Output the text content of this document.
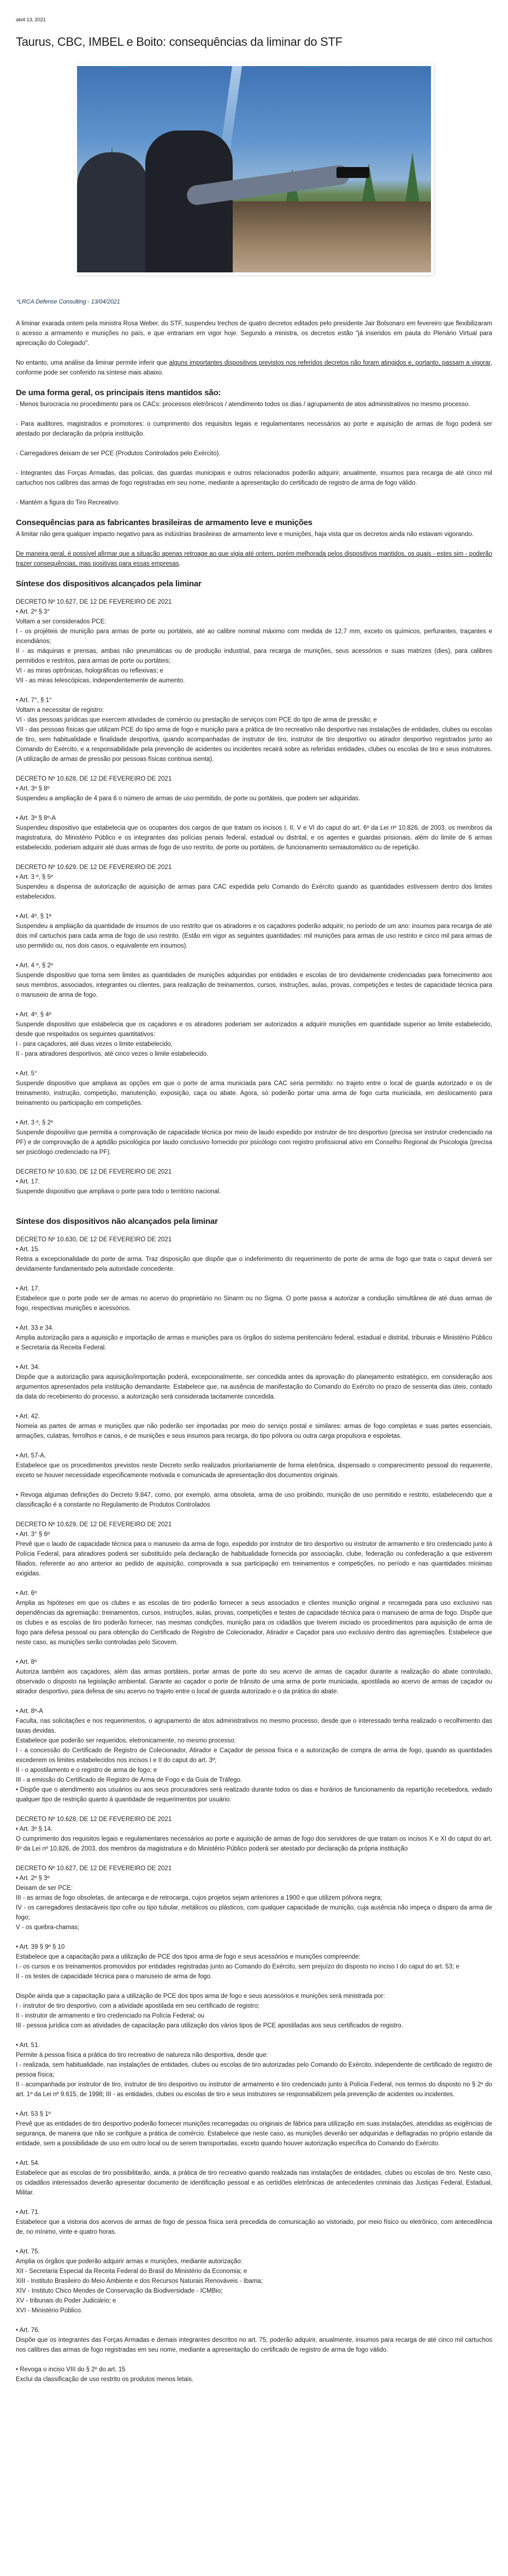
abril 13, 2021
Taurus, CBC, IMBEL e Boito: consequências da liminar do STF
*LRCA Defense Consulting - 13/04/2021

A liminar exarada ontem pela ministra Rosa Weber, do STF, suspendeu trechos de quatro decretos editados pelo presidente Jair Bolsonaro em fevereiro que flexibilizaram o acesso a armamento e munições no país, e que entrariam em vigor hoje. Segundo a ministra, os decretos estão "já inseridos em pauta do Plenário Virtual para apreciação do Colegiado".

No entanto, uma análise da liminar permite inferir que alguns importantes dispositivos previstos nos referidos decretos não foram atingidos e, portanto, passam a vigorar, conforme pode ser conferido na síntese mais abaixo.

De uma forma geral, os principais itens mantidos são:

- Menos burocracia no procedimento para os CACs: processos eletrônicos / atendimento todos os dias / agrupamento de atos administrativos no mesmo processo.

- Para auditores, magistrados e promotores: o cumprimento dos requisitos legais e regulamentares necessários ao porte e aquisição de armas de fogo poderá ser atestado por declaração da própria instituição.

- Carregadores deixam de ser PCE (Produtos Controlados pelo Exército).

- Integrantes das Forças Armadas, das polícias, das guardas municipais e outros relacionados poderão adquirir, anualmente, insumos para recarga de até cinco mil cartuchos nos calibres das armas de fogo registradas em seu nome, mediante a apresentação do certificado de registro de arma de fogo válido.

- Mantém a figura do Tiro Recreativo.

Consequências para as fabricantes brasileiras de armamento leve e munições

A limitar não gera qualquer impacto negativo para as indústrias brasileiras de armamento leve e munições, haja vista que os decretos ainda não estavam vigorando.

De maneira geral, é possível afirmar que a situação apenas retroage ao que vigia até ontem, porém melhorada pelos dispositivos mantidos, os quais - estes sim - poderão trazer consequências, mas positivas para essas empresas.

Síntese dos dispositivos alcançados pela liminar

DECRETO Nº 10.627, DE 12 DE FEVEREIRO DE 2021

• Art. 2º § 3°

Voltam a ser considerados PCE:

I - os projéteis de munição para armas de porte ou portáteis, até ao calibre nominal máximo com medida de 12,7 mm, exceto os químicos, perfurantes, traçantes e incendiários;

II - as máquinas e prensas, ambas não pneumáticas ou de produção industrial, para recarga de munições, seus acessórios e suas matrizes (dies), para calibres permitidos e restritos, para armas de porte ou portáteis;

VI - as miras optrônicas, holográficas ou reflexivas; e

VII - as miras telescópicas, independentemente de aumento.

• Art. 7°, § 1°

Voltam a necessitar de registro:

VI - das pessoas jurídicas que exercem atividades de comércio ou prestação de serviços com PCE do tipo de arma de pressão; e

VII - das pessoas físicas que utilizam PCE do tipo arma de fogo e munição para a prática de tiro recreativo não desportivo nas instalações de entidades, clubes ou escolas de tiro, sem habitualidade e finalidade desportiva, quando acompanhadas de instrutor de tiro, instrutor de tiro desportivo ou atirador desportivo registrados junto ao Comando do Exército, e a responsabilidade pela prevenção de acidentes ou incidentes recairá sobre as referidas entidades, clubes ou escolas de tiro e seus instrutores. (A utilização de armas de pressão por pessoas físicas continua isenta).

DECRETO Nº 10.628, DE 12 DE FEVEREIRO DE 2021

• Art. 3º § 8º

Suspendeu a ampliação de 4 para 6 o número de armas de uso permitido, de porte ou portáteis, que podem ser adquiridas.

• Art. 3º § 8º-A

Suspendeu dispositivo que estabelecia que os ocupantes dos cargos de que tratam os incisos I, II, V e VI do caput do art. 6º da Lei nº 10.826, de 2003, os membros da magistratura, do Ministério Público e os integrantes das polícias penais federal, estadual ou distrital, e os agentes e guardas prisionais, além do limite de 6 armas estabelecido, poderiam adquirir até duas armas de fogo de uso restrito, de porte ou portáteis, de funcionamento semiautomático ou de repetição.

DECRETO Nº 10.629, DE 12 DE FEVEREIRO DE 2021

• Art. 3 º, § 5º

Suspendeu a dispensa de autorização de aquisição de armas para CAC expedida pelo Comando do Exército quando as quantidades estivessem dentro dos limites estabelecidos.

• Art. 4º, § 1ª

Suspendeu a ampliação da quantidade de insumos de uso restrito que os atiradores e os caçadores poderão adquirir, no período de um ano: insumos para recarga de até dois mil cartuchos para cada arma de fogo de uso restrito. (Estão em vigor as seguintes quantidades: mil munições para armas de uso restrito e cinco mil para armas de uso permitido ou, nos dois casos, o equivalente em insumos).

• Art. 4 º, § 2º

Suspende dispositivo que torna sem limites as quantidades de munições adquiridas por entidades e escolas de tiro devidamente credenciadas para fornecimento aos seus membros, associados, integrantes ou clientes, para realização de treinamentos, cursos, instruções, aulas, provas, competições e testes de capacidade técnica para o manuseio de arma de fogo.

• Art. 4º, § 4º

Suspende dispositivo que estabelecia que os caçadores e os atiradores poderiam ser autorizados a adquirir munições em quantidade superior ao limite estabelecido, desde que respeitados os seguintes quantitativos:

I - para caçadores, até duas vezes o limite estabelecido,

II - para atiradores desportivos, até cinco vezes o limite estabelecido.

• Art. 5°

Suspende dispositivo que ampliava as opções em que o porte de arma municiada para CAC seria permitido: no trajeto entre o local de guarda autorizado e os de treinamento, instrução, competição, manutenção, exposição, caça ou abate. Agora, só poderão portar uma arma de fogo curta municiada, em deslocamento para treinamento ou participação em competições.

• Art. 3 º, § 2º

Suspende dispositivo que permitia a comprovação de capacidade técnica por meio de laudo expedido por instrutor de tiro desportivo (precisa ser instrutor credenciado na PF) e de comprovação de a aptidão psicológica por laudo conclusivo fornecido por psicólogo com registro profissional ativo em Conselho Regional de Psicologia (precisa ser psicólogo credenciado na PF).

DECRETO Nº 10.630, DE 12 DE FEVEREIRO DE 2021

• Art. 17.

Suspende dispositivo que ampliava o porte para todo o território nacional.

Síntese dos dispositivos não alcançados pela liminar

DECRETO Nº 10.630, DE 12 DE FEVEREIRO DE 2021

• Art. 15.

Retira a excepcionalidade do porte de arma. Traz disposição que dispõe que o indeferimento do requerimento de porte de arma de fogo que trata o caput deverá ser devidamente fundamentado pela autoridade concedente.

• Art. 17.

Estabelece que o porte pode ser de armas no acervo do proprietário no Sinarm ou no Sigma. O porte passa a autorizar a condução simultânea de até duas armas de fogo, respectivas munições e acessórios.

• Art. 33 e 34.

Amplia autorização para a aquisição e importação de armas e munições para os órgãos do sistema penitenciário federal, estadual e distrital, tribunais e Ministério Público e Secretaria da Receita Federal.

• Art. 34.

Dispõe que a autorização para aquisição/importação poderá, excepcionalmente, ser concedida antes da aprovação do planejamento estratégico, em consideração aos argumentos apresentados pela instituição demandante. Estabelece que, na ausência de manifestação do Comando do Exército no prazo de sessenta dias úteis, contado da data do recebimento do processo, a autorização será considerada tacitamente concedida.

• Art. 42.

Nomeia as partes de armas e munições que não poderão ser importadas por meio do serviço postal e similares: armas de fogo completas e suas partes essenciais, armações, culatras, ferrolhos e canos, e de munições e seus insumos para recarga, do tipo pólvora ou outra carga propulsora e espoletas.

• Art. 57-A.

Estabelece que os procedimentos previstos neste Decreto serão realizados prioritariamente de forma eletrônica, dispensado o comparecimento pessoal do requerente, exceto se houver necessidade especificamente motivada e comunicada de apresentação dos documentos originais.

• Revoga algumas definições do Decreto 9.847, como, por exemplo, arma obsoleta, arma de uso proibindo, munição de uso permitido e restrito, estabelecendo que a classificação é a constante no Regulamento de Produtos Controlados

DECRETO Nº 10.629, DE 12 DE FEVEREIRO DE 2021

• Art. 3° § 6º

Prevê que o laudo de capacidade técnica para o manuseio da arma de fogo, expedido por instrutor de tiro desportivo ou instrutor de armamento e tiro credenciado junto à Polícia Federal, para atiradores poderá ser substituído pela declaração de habitualidade fornecida por associação, clube, federação ou confederação a que estiverem filiados, referente ao ano anterior ao pedido de aquisição, comprovada a sua participação em treinamentos e competições, no período e nas quantidades mínimas exigidas.

• Art. 6º

Amplia as hipóteses em que os clubes e as escolas de tiro poderão fornecer a seus associados e clientes munição original e recarregada para uso exclusivo nas dependências da agremiação: treinamentos, cursos, instruções, aulas, provas, competições e testes de capacidade técnica para o manuseio de arma de fogo. Dispõe que os clubes e as escolas de tiro poderão fornecer, nas mesmas condições, munição para os cidadãos que tiverem iniciado os procedimentos para aquisição de arma de fogo para defesa pessoal ou para obtenção do Certificado de Registro de Colecionador, Atirador e Caçador para uso exclusivo dentro das agremiações. Estabelece que neste caso, as munições serão controladas pelo Sicovem.

• Art. 8º

Autoriza também aos caçadores, além das armas portáteis, portar armas de porte do seu acervo de armas de caçador durante a realização do abate controlado, observado o disposto na legislação ambiental. Garante ao caçador o porte de trânsito de uma arma de porte municiada, apostilada ao acervo de armas de caçador ou atirador desportivo, para defesa de seu acervo no trajeto entre o local de guarda autorizado e o da prática do abate.

• Art. 8º-A

Faculta, nas solicitações e nos requerimentos, o agrupamento de atos administrativos no mesmo processo, desde que o interessado tenha realizado o recolhimento das taxas devidas.

Estabelece que poderão ser requeridos, eletronicamente, no mesmo processo:

I - a concessão do Certificado de Registro de Colecionador, Atirador e Caçador de pessoa física e a autorização de compra de arma de fogo, quando as quantidades excederem os limites estabelecidos nos incisos I e II do caput do art. 3º;

II - o apostilamento e o registro de arma de fogo; e

III - a emissão do Certificado de Registro de Arma de Fogo e da Guia de Tráfego.

• Dispõe que o atendimento aos usuários ou aos seus procuradores será realizado durante todos os dias e horários de funcionamento da repartição recebedora, vedado qualquer tipo de restrição quanto à quantidade de requerimentos por usuário.

DECRETO Nº 10.628, DE 12 DE FEVEREIRO DE 2021

• Art. 3º § 14.

O cumprimento dos requisitos legais e regulamentares necessários ao porte e aquisição de armas de fogo dos servidores de que tratam os incisos X e XI do caput do art. 6º da Lei nº 10.826, de 2003, dos membros da magistratura e do Ministério Público poderá ser atestado por declaração da própria instituição

DECRETO Nº 10.627, DE 12 DE FEVEREIRO DE 2021

• Art. 2º § 3º

Deixam de ser PCE:

III - as armas de fogo obsoletas, de antecarga e de retrocarga, cujos projetos sejam anteriores a 1900 e que utilizem pólvora negra;

IV - os carregadores destacáveis tipo cofre ou tipo tubular, metálicos ou plásticos, com qualquer capacidade de munição, cuja ausência não impeça o disparo da arma de fogo;

V - os quebra-chamas;

• Art. 39 § 9º § 10

Estabelece que a capacitação para a utilização de PCE dos tipos arma de fogo e seus acessórios e munições compreende:

I - os cursos e os treinamentos promovidos por entidades registradas junto ao Comando do Exército, sem prejuízo do disposto no inciso I do caput do art. 53; e

II - os testes de capacidade técnica para o manuseio de arma de fogo.

Dispõe ainda que a capacitação para a utilização de PCE dos tipos arma de fogo e seus acessórios e munições será ministrada por:

I - instrutor de tiro desportivo, com a atividade apostilada em seu certificado de registro;

II - instrutor de armamento e tiro credenciado na Polícia Federal; ou

III - pessoa jurídica com as atividades de capacitação para utilização dos vários tipos de PCE apostiladas aos seus certificados de registro.

• Art. 51.

Permite à pessoa física a prática do tiro recreativo de natureza não desportiva, desde que:

I - realizada, sem habitualidade, nas instalações de entidades, clubes ou escolas de tiro autorizadas pelo Comando do Exército, independente de certificado de registro de pessoa física;

II - acompanhada por instrutor de tiro, instrutor de tiro desportivo ou instrutor de armamento e tiro credenciado junto à Polícia Federal, nos termos do disposto no § 2º do art. 1º da Lei nº 9.615, de 1998; III - as entidades, clubes ou escolas de tiro e seus instrutores se responsabilizem pela prevenção de acidentes ou incidentes.

• Art. 53 § 1º

Prevê que as entidades de tiro desportivo poderão fornecer munições recarregadas ou originais de fábrica para utilização em suas instalações, atendidas as exigências de segurança, de maneira que não se configure a prática de comércio. Estabelece que neste caso, as munições deverão ser adquiridas e deflagradas no próprio estande da entidade, sem a possibilidade de uso em outro local ou de serem transportadas, exceto quando houver autorização específica do Comando do Exército.

• Art. 54.

Estabelece que as escolas de tiro possibilitarão, ainda, a prática de tiro recreativo quando realizada nas instalações de entidades, clubes ou escolas de tiro. Neste caso, os cidadãos interessados deverão apresentar documento de identificação pessoal e as certidões eletrônicas de antecedentes criminais das Justiças Federal, Estadual, Militar.

• Art. 71.

Estabelece que a vistoria dos acervos de armas de fogo de pessoa física será precedida de comunicação ao vistoriado, por meio físico ou eletrônico, com antecedência de, no mínimo, vinte e quatro horas.

• Art. 75.

Amplia os órgãos que poderão adquirir armas e munições, mediante autorização:

XII - Secretaria Especial da Receita Federal do Brasil do Ministério da Economia; e

XIII - Instituto Brasileiro do Meio Ambiente e dos Recursos Naturais Renováveis - Ibama;

XIV - Instituto Chico Mendes de Conservação da Biodiversidade - ICMBio;

XV - tribunais do Poder Judiciário; e

XVI - Ministério Público.

• Art. 76.

Dispõe que os integrantes das Forças Armadas e demais integrantes descritos no art. 75, poderão adquirir, anualmente, insumos para recarga de até cinco mil cartuchos nos calibres das armas de fogo registradas em seu nome, mediante a apresentação do certificado de registro de arma de fogo válido.

• Revoga o inciso VIII do § 2º do art. 15

Exclui da classificação de uso restrito os produtos menos letais.
